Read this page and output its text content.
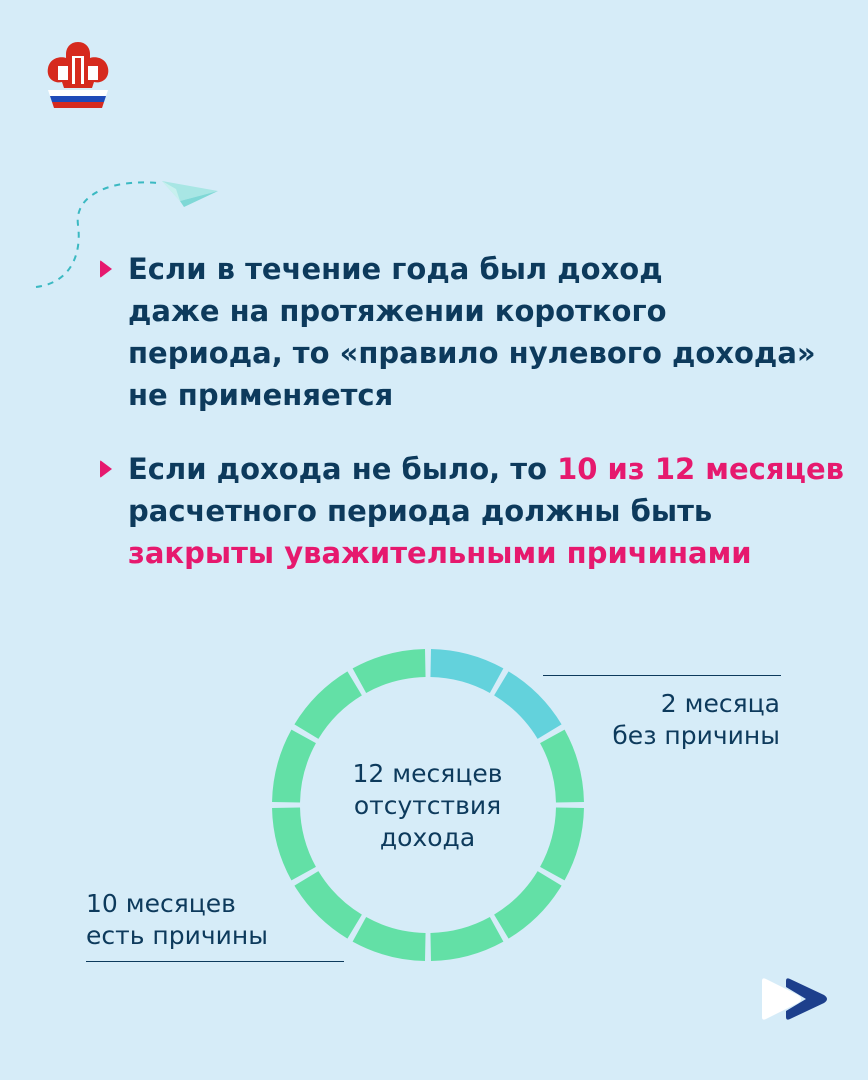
Если в течение года был доход
даже на протяжении короткого
периода, то «правило нулевого дохода»
не применяется
Если дохода не было, то 10 из 12 месяцев
расчетного периода должны быть
закрыты уважительными причинами
12 месяцев
отсутствия
дохода
2 месяца
без причины
10 месяцев
есть причины
